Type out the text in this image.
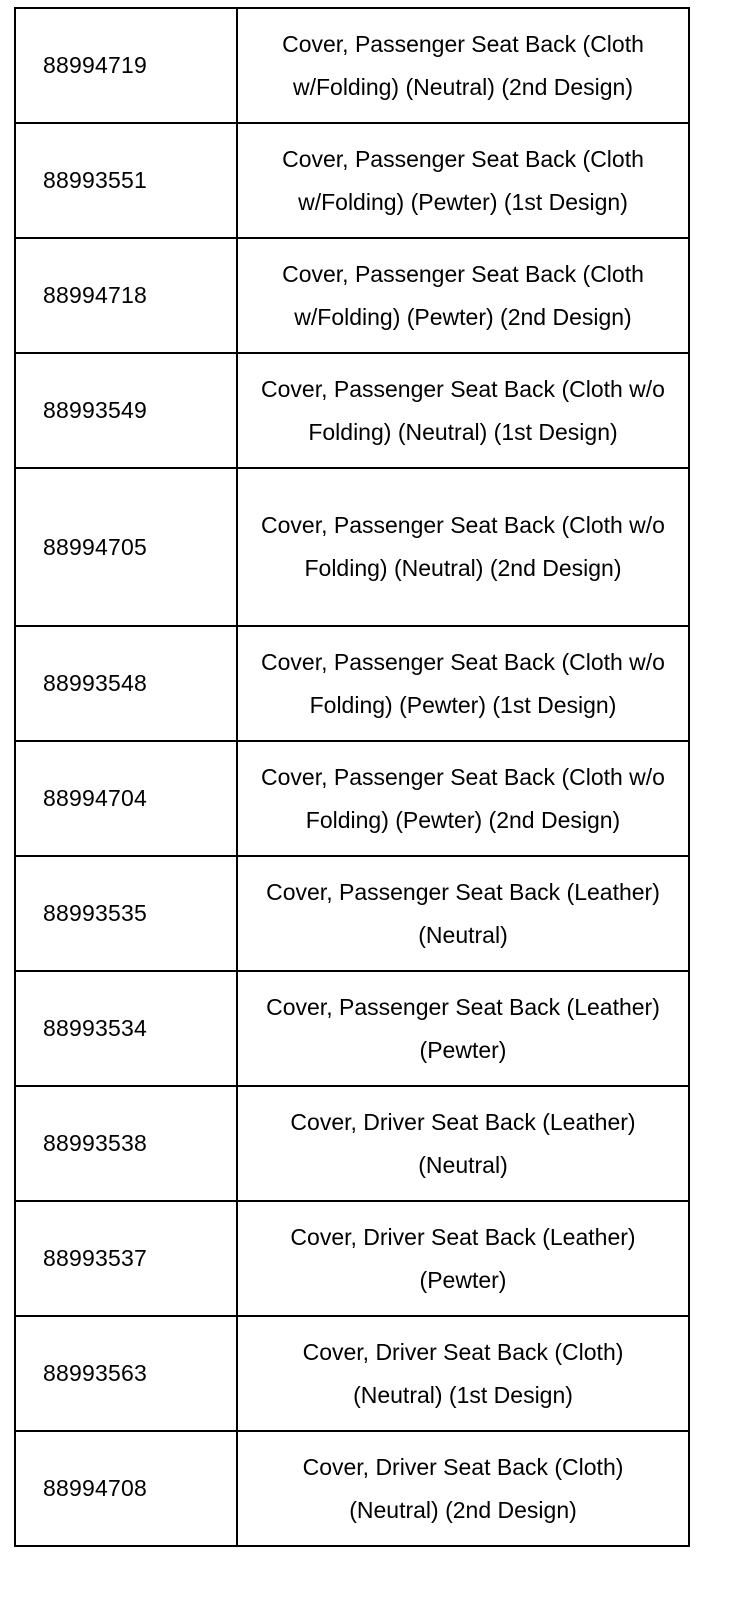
88994719	Cover, Passenger Seat Back (Cloth w/Folding) (Neutral) (2nd Design)
88993551	Cover, Passenger Seat Back (Cloth w/Folding) (Pewter) (1st Design)
88994718	Cover, Passenger Seat Back (Cloth w/Folding) (Pewter) (2nd Design)
88993549	Cover, Passenger Seat Back (Cloth w/o Folding) (Neutral) (1st Design)
88994705	Cover, Passenger Seat Back (Cloth w/o Folding) (Neutral) (2nd Design)
88993548	Cover, Passenger Seat Back (Cloth w/o Folding) (Pewter) (1st Design)
88994704	Cover, Passenger Seat Back (Cloth w/o Folding) (Pewter) (2nd Design)
88993535	Cover, Passenger Seat Back (Leather) (Neutral)
88993534	Cover, Passenger Seat Back (Leather) (Pewter)
88993538	Cover, Driver Seat Back (Leather) (Neutral)
88993537	Cover, Driver Seat Back (Leather) (Pewter)
88993563	Cover, Driver Seat Back (Cloth) (Neutral) (1st Design)
88994708	Cover, Driver Seat Back (Cloth) (Neutral) (2nd Design)
